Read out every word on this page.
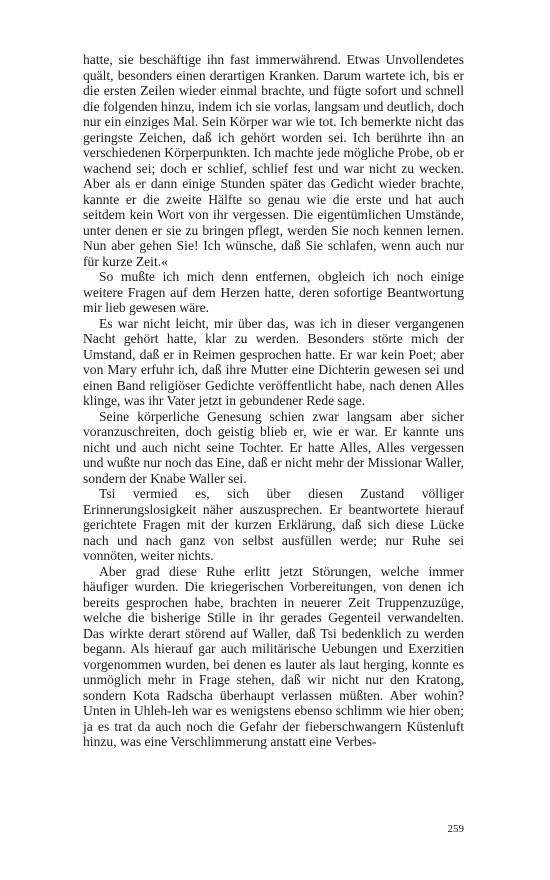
hatte, sie beschäftige ihn fast immerwährend. Etwas Unvollendetes quält, besonders einen derartigen Kranken. Darum wartete ich, bis er die ersten Zeilen wieder einmal brachte, und fügte sofort und schnell die folgenden hinzu, indem ich sie vorlas, langsam und deutlich, doch nur ein einziges Mal. Sein Körper war wie tot. Ich bemerkte nicht das geringste Zeichen, daß ich gehört worden sei. Ich berührte ihn an verschiedenen Körperpunkten. Ich machte jede mögliche Probe, ob er wachend sei; doch er schlief, schlief fest und war nicht zu wecken. Aber als er dann einige Stunden später das Gedicht wieder brachte, kannte er die zweite Hälfte so genau wie die erste und hat auch seitdem kein Wort von ihr vergessen. Die eigentümlichen Umstände, unter denen er sie zu bringen pflegt, werden Sie noch kennen lernen. Nun aber gehen Sie! Ich wünsche, daß Sie schlafen, wenn auch nur für kurze Zeit.«

So mußte ich mich denn entfernen, obgleich ich noch einige weitere Fragen auf dem Herzen hatte, deren sofortige Beantwortung mir lieb gewesen wäre.

Es war nicht leicht, mir über das, was ich in dieser vergangenen Nacht gehört hatte, klar zu werden. Besonders störte mich der Umstand, daß er in Reimen gesprochen hatte. Er war kein Poet; aber von Mary erfuhr ich, daß ihre Mutter eine Dichterin gewesen sei und einen Band religiöser Gedichte veröffentlicht habe, nach denen Alles klinge, was ihr Vater jetzt in gebundener Rede sage.

Seine körperliche Genesung schien zwar langsam aber sicher voranzuschreiten, doch geistig blieb er, wie er war. Er kannte uns nicht und auch nicht seine Tochter. Er hatte Alles, Alles vergessen und wußte nur noch das Eine, daß er nicht mehr der Missionar Waller, sondern der Knabe Waller sei.

Tsi vermied es, sich über diesen Zustand völliger Erinnerungslosigkeit näher auszusprechen. Er beantwortete hierauf gerichtete Fragen mit der kurzen Erklärung, daß sich diese Lücke nach und nach ganz von selbst ausfüllen werde; nur Ruhe sei vonnöten, weiter nichts.

Aber grad diese Ruhe erlitt jetzt Störungen, welche immer häufiger wurden. Die kriegerischen Vorbereitungen, von denen ich bereits gesprochen habe, brachten in neuerer Zeit Truppenzuzüge, welche die bisherige Stille in ihr gerades Gegenteil verwandelten. Das wirkte derart störend auf Waller, daß Tsi bedenklich zu werden begann. Als hierauf gar auch militärische Uebungen und Exerzitien vorgenommen wurden, bei denen es lauter als laut herging, konnte es unmöglich mehr in Frage stehen, daß wir nicht nur den Kratong, sondern Kota Radscha überhaupt verlassen müßten. Aber wohin? Unten in Uhleh-leh war es wenigstens ebenso schlimm wie hier oben; ja es trat da auch noch die Gefahr der fieberschwangern Küstenluft hinzu, was eine Verschlimmerung anstatt eine Verbes-

259
